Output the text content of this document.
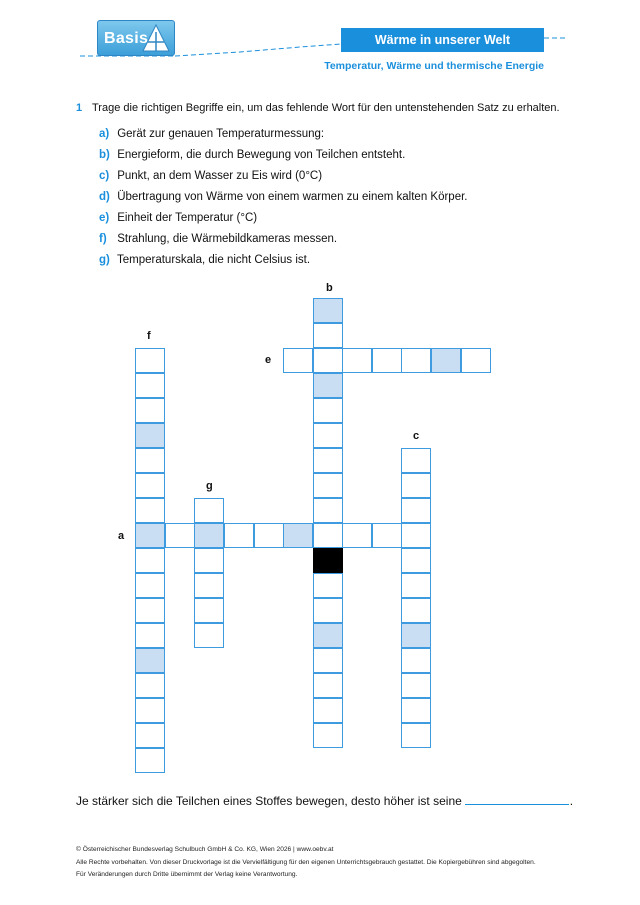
Basis	Wärme in unserer Welt
Temperatur, Wärme und thermische Energie
1 Trage die richtigen Begriffe ein, um das fehlende Wort für den untenstehenden Satz zu erhalten.
a) Gerät zur genauen Temperaturmessung:
b) Energieform, die durch Bewegung von Teilchen entsteht.
c) Punkt, an dem Wasser zu Eis wird (0°C)
d) Übertragung von Wärme von einem warmen zu einem kalten Körper.
e) Einheit der Temperatur (°C)
f) Strahlung, die Wärmebildkameras messen.
g) Temperaturskala, die nicht Celsius ist.
b
f
e
c
g
a
Je stärker sich die Teilchen eines Stoffes bewegen, desto höher ist seine	.
© Österreichischer Bundesverlag Schulbuch GmbH & Co. KG, Wien 2026 | www.oebv.at
Alle Rechte vorbehalten. Von dieser Druckvorlage ist die Vervielfältigung für den eigenen Unterrichtsgebrauch gestattet. Die Kopiergebühren sind abgegolten.
Für Veränderungen durch Dritte übernimmt der Verlag keine Verantwortung.
